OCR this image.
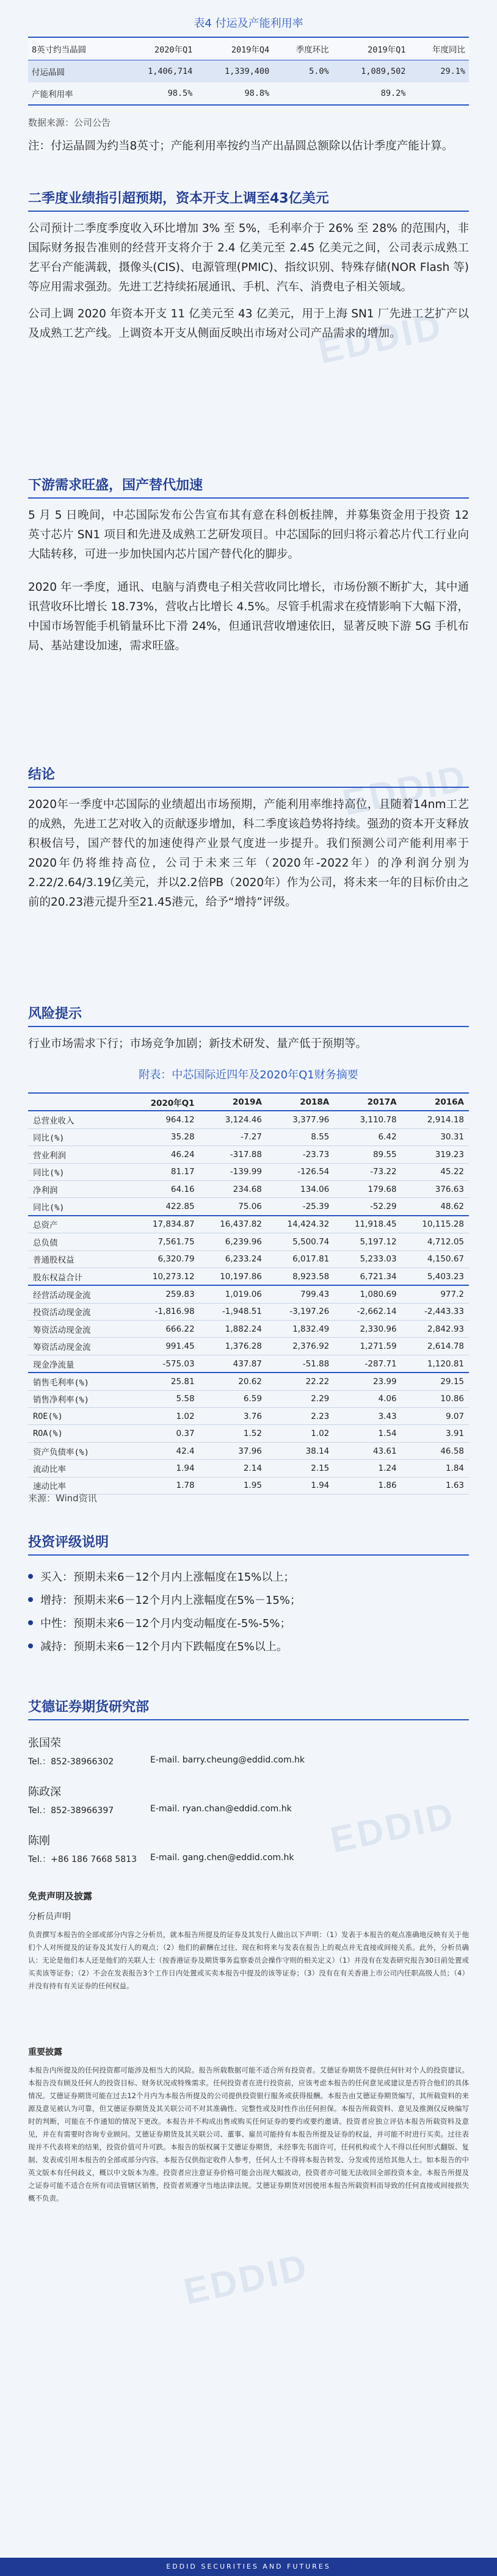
EDDID
EDDID
EDDID
EDDID
表4 付运及产能利用率
8英寸约当晶圆	2020年Q1	2019年Q4	季度环比	2019年Q1	年度同比
付运晶圆	1,406,714	1,339,400	5.0%	1,089,502	29.1%
产能利用率	98.5%	98.8%		89.2%	
数据来源：公司公告
注：付运晶圆为约当8英寸；产能利用率按约当产出晶圆总额除以估计季度产能计算。
二季度业绩指引超预期，资本开支上调至43亿美元

公司预计二季度季度收入环比增加 3% 至 5%，毛利率介于 26% 至 28% 的范围内，非国际财务报告准则的经营开支将介于 2.4 亿美元至 2.45 亿美元之间，公司表示成熟工艺平台产能满载，摄像头(CIS)、电源管理(PMIC)、指纹识别、特殊存储(NOR Flash 等)等应用需求强劲。先进工艺持续拓展通讯、手机、汽车、消费电子相关领域。

公司上调 2020 年资本开支 11 亿美元至 43 亿美元，用于上海 SN1 厂先进工艺扩产以及成熟工艺产线。上调资本开支从侧面反映出市场对公司产品需求的增加。

下游需求旺盛，国产替代加速

5 月 5 日晚间，中芯国际发布公告宣布其有意在科创板挂牌，并募集资金用于投资 12 英寸芯片 SN1 项目和先进及成熟工艺研发项目。中芯国际的回归将示着芯片代工行业向大陆转移，可进一步加快国内芯片国产替代化的脚步。

2020 年一季度，通讯、电脑与消费电子相关营收同比增长，市场份额不断扩大，其中通讯营收环比增长 18.73%，营收占比增长 4.5%。尽管手机需求在疫情影响下大幅下滑，中国市场智能手机销量环比下滑 24%，但通讯营收增速依旧，显著反映下游 5G 手机布局、基站建设加速，需求旺盛。

结论

2020年一季度中芯国际的业绩超出市场预期，产能利用率维持高位，且随着14nm工艺的成熟，先进工艺对收入的贡献逐步增加，科二季度该趋势将持续。强劲的资本开支释放积极信号，国产替代的加速使得产业景气度进一步提升。我们预测公司产能利用率于2020年仍将维持高位，公司于未来三年（2020年-2022年）的净利润分别为2.22/2.64/3.19亿美元，并以2.2倍PB（2020年）作为公司，将未来一年的目标价由之前的20.23港元提升至21.45港元，给予“增持”评级。

风险提示

行业市场需求下行；市场竞争加剧；新技术研发、量产低于预期等。

附表：中芯国际近四年及2020年Q1财务摘要
	2020年Q1	2019A	2018A	2017A	2016A
总营业收入	964.12	3,124.46	3,377.96	3,110.78	2,914.18
同比(%)	35.28	-7.27	8.55	6.42	30.31
营业利润	46.24	-317.88	-23.73	89.55	319.23
同比(%)	81.17	-139.99	-126.54	-73.22	45.22
净利润	64.16	234.68	134.06	179.68	376.63
同比(%)	422.85	75.06	-25.39	-52.29	48.62
总资产	17,834.87	16,437.82	14,424.32	11,918.45	10,115.28
总负债	7,561.75	6,239.96	5,500.74	5,197.12	4,712.05
普通股权益	6,320.79	6,233.24	6,017.81	5,233.03	4,150.67
股东权益合计	10,273.12	10,197.86	8,923.58	6,721.34	5,403.23
经营活动现金流	259.83	1,019.06	799.43	1,080.69	977.2
投资活动现金流	-1,816.98	-1,948.51	-3,197.26	-2,662.14	-2,443.33
筹资活动现金流	666.22	1,882.24	1,832.49	2,330.96	2,842.93
筹资活动现金流	991.45	1,376.28	2,376.92	1,271.59	2,614.78
现金净流量	-575.03	437.87	-51.88	-287.71	1,120.81
销售毛利率(%)	25.81	20.62	22.22	23.99	29.15
销售净利率(%)	5.58	6.59	2.29	4.06	10.86
ROE(%)	1.02	3.76	2.23	3.43	9.07
ROA(%)	0.37	1.52	1.02	1.54	3.91
资产负债率(%)	42.4	37.96	38.14	43.61	46.58
流动比率	1.94	2.14	2.15	1.24	1.84
速动比率	1.78	1.95	1.94	1.86	1.63
来源：Wind资讯
投资评级说明
买入：预期未来6－12个月内上涨幅度在15%以上；
增持：预期未来6－12个月内上涨幅度在5%－15%；
中性：预期未来6－12个月内变动幅度在-5%-5%；
减持：预期未来6－12个月内下跌幅度在5%以上。
艾德证券期货研究部
张国荣
Tel.：852-38966302	E-mail. barry.cheung@eddid.com.hk
陈政深
Tel.：852-38966397	E-mail. ryan.chan@eddid.com.hk
陈刚
Tel.：+86 186 7668 5813 E-mail. gang.chen@eddid.com.hk
免责声明及披露
分析员声明
负责撰写本报告的全部或部分内容之分析员，就本报告所提及的证券及其发行人做出以下声明：（1）发表于本报告的观点准确地反映有关于他们个人对所提及的证券及其发行人的观点；（2）他们的薪酬在过往、现在和将来与发表在报告上的观点并无直接或间接关系。此外，分析员确认：无论是他们本人还是他们的关联人士（按香港证券及期货事务监察委员会操作守则的相关定义）（1）并没有在发表研究报告30日前处置或买卖该等证券；（2）不会在发表报告3个工作日内处置或买卖本报告中提及的该等证券；（3）没有在有关香港上市公司内任职高级人员；（4）并没有持有有关证券的任何权益。
重要披露
本报告内所提及的任何投资都可能涉及相当大的风险。报告所载数据可能不适合所有投资者。艾德证券期货不提供任何针对个人的投资建议。本报告没有顾及任何人的投资目标、财务状况或特殊需求。任何投资者在进行投资前，应该考虑本报告的任何意见或建议是否符合他们的具体情况。艾德证券期货可能在过去12个月内为本报告所提及的公司提供投资银行服务或获得报酬。本报告由艾德证券期货编写，其所载资料的来源及意见被认为可靠，但艾德证券期货及其关联公司不对其准确性、完整性或及时性作出任何担保。本报告所载资料、意见及推测仅反映编写时的判断，可能在不作通知的情况下更改。本报告并不构成出售或购买任何证券的要约或要约邀请。投资者应独立评估本报告所载资料及意见，并在有需要时咨询专业顾问。艾德证券期货及其关联公司、董事、雇员可能持有本报告所提及证券的权益，并可能不时进行买卖。过往表现并不代表将来的结果，投资价值可升可跌。本报告的版权属于艾德证券期货，未经事先书面许可，任何机构或个人不得以任何形式翻版、复制、发表或引用本报告的全部或部分内容。本报告仅供指定收件人参考，任何人士不得将本报告转发、分发或传送给其他人士。如本报告的中英文版本有任何歧义，概以中文版本为准。投资者应注意证券价格可能会出现大幅波动，投资者亦可能无法收回全部投资本金。本报告所提及之证券可能不适合在所有司法管辖区销售，投资者须遵守当地法律法规。艾德证券期货对因使用本报告所载资料而导致的任何直接或间接损失概不负责。
EDDID SECURITIES AND FUTURES
